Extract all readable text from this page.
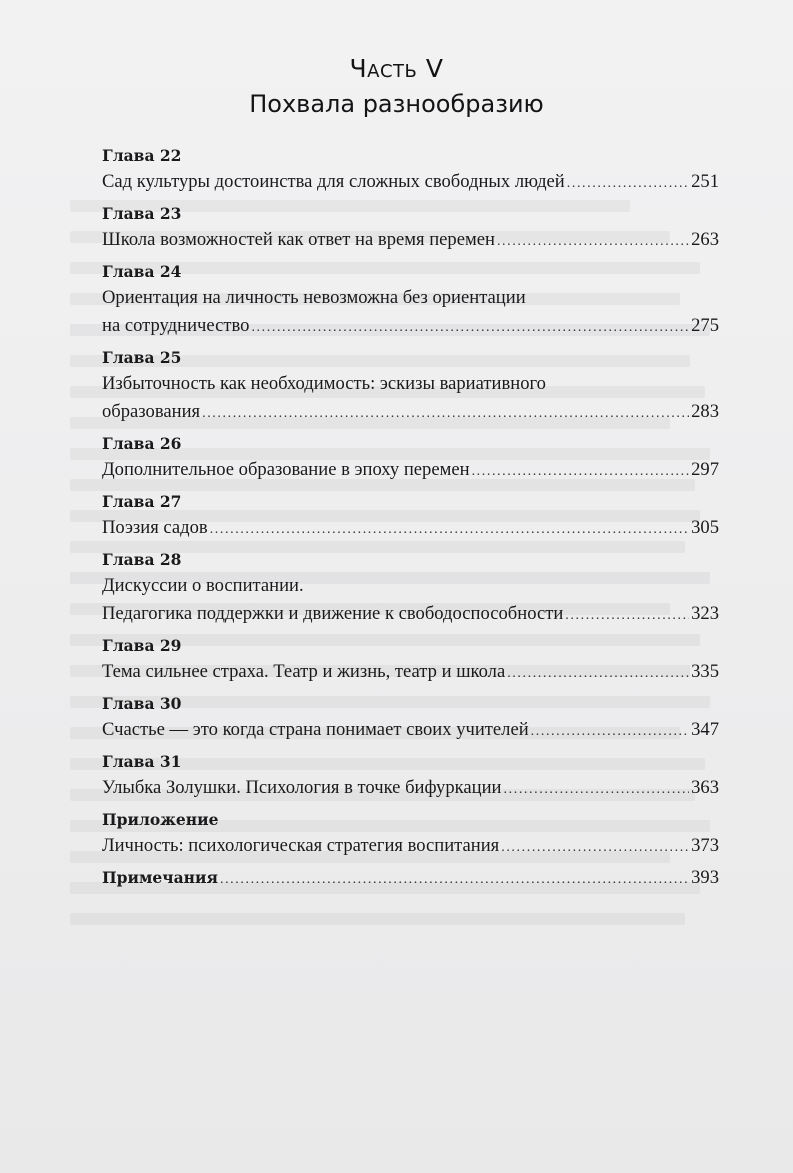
Часть V
Похвала разнообразию
Глава 22
Сад культуры достоинства для сложных свободных людей .....	251
Глава 23
Школа возможностей как ответ на время перемен .....	263
Глава 24
Ориентация на личность невозможна без ориентации
на сотрудничество .....	275
Глава 25
Избыточность как необходимость: эскизы вариативного
образования .....	283
Глава 26
Дополнительное образование в эпоху перемен .....	297
Глава 27
Поэзия садов .....	305
Глава 28
Дискуссии о воспитании.
Педагогика поддержки и движение к свободоспособности .....	323
Глава 29
Тема сильнее страха. Театр и жизнь, театр и школа .....	335
Глава 30
Счастье — это когда страна понимает своих учителей .....	347
Глава 31
Улыбка Золушки. Психология в точке бифуркации .....	363
Приложение
Личность: психологическая стратегия воспитания .....	373
Примечания .....	393
